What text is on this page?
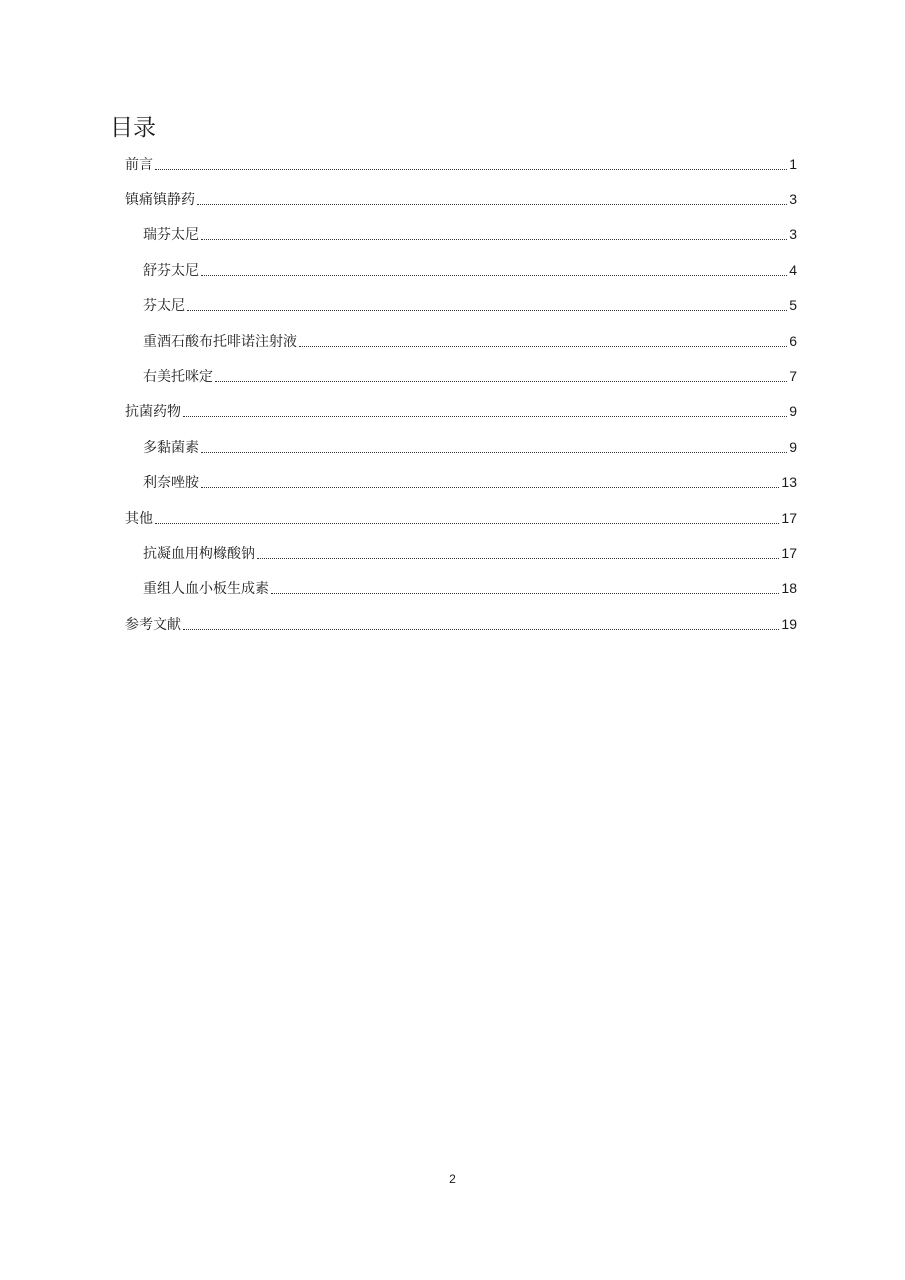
目录
前言	1
镇痛镇静药	3
瑞芬太尼	3
舒芬太尼	4
芬太尼	5
重酒石酸布托啡诺注射液	6
右美托咪定	7
抗菌药物	9
多黏菌素	9
利奈唑胺	13
其他	17
抗凝血用枸橼酸钠	17
重组人血小板生成素	18
参考文献	19
2
